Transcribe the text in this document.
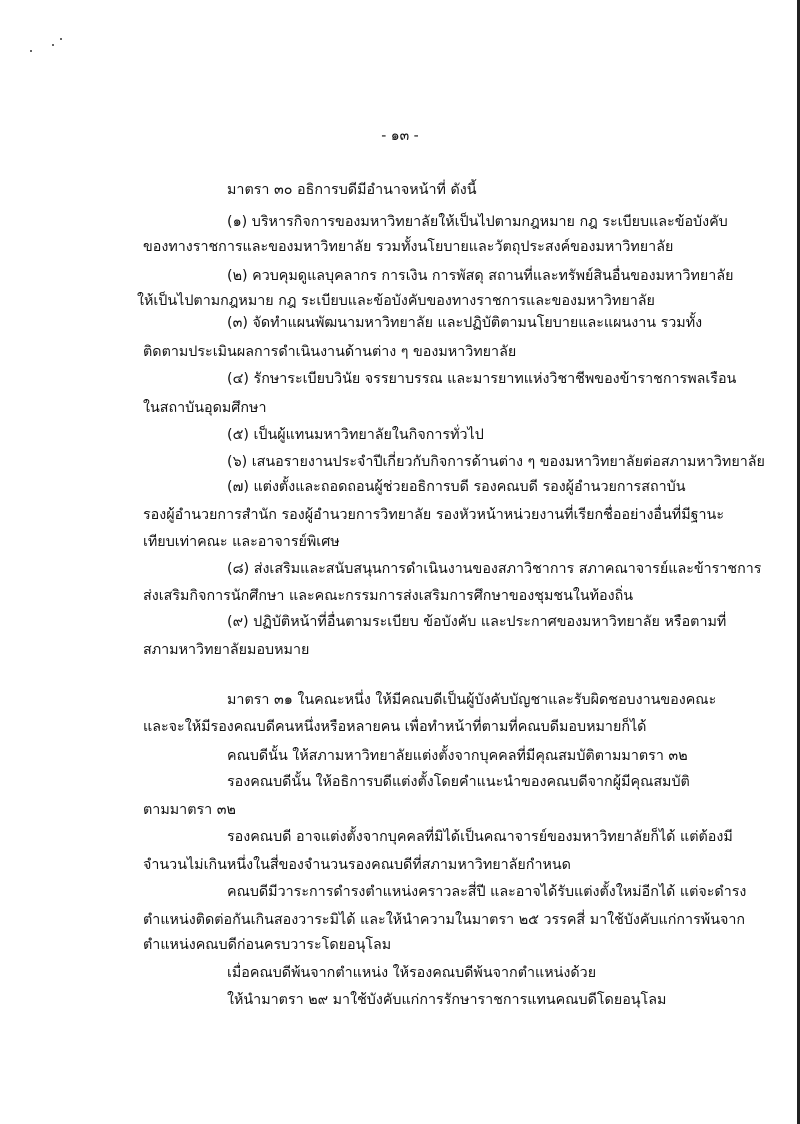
- ๑๓ -
มาตรา ๓๐ อธิการบดีมีอำนาจหน้าที่ ดังนี้
(๑) บริหารกิจการของมหาวิทยาลัยให้เป็นไปตามกฎหมาย กฎ ระเบียบและข้อบังคับ
ของทางราชการและของมหาวิทยาลัย รวมทั้งนโยบายและวัตถุประสงค์ของมหาวิทยาลัย
(๒) ควบคุมดูแลบุคลากร การเงิน การพัสดุ สถานที่และทรัพย์สินอื่นของมหาวิทยาลัย
ให้เป็นไปตามกฎหมาย กฎ ระเบียบและข้อบังคับของทางราชการและของมหาวิทยาลัย
(๓) จัดทำแผนพัฒนามหาวิทยาลัย และปฏิบัติตามนโยบายและแผนงาน รวมทั้ง
ติดตามประเมินผลการดำเนินงานด้านต่าง ๆ ของมหาวิทยาลัย
(๔) รักษาระเบียบวินัย จรรยาบรรณ และมารยาทแห่งวิชาชีพของข้าราชการพลเรือน
ในสถาบันอุดมศึกษา
(๕) เป็นผู้แทนมหาวิทยาลัยในกิจการทั่วไป
(๖) เสนอรายงานประจำปีเกี่ยวกับกิจการด้านต่าง ๆ ของมหาวิทยาลัยต่อสภามหาวิทยาลัย
(๗) แต่งตั้งและถอดถอนผู้ช่วยอธิการบดี รองคณบดี รองผู้อำนวยการสถาบัน
รองผู้อำนวยการสำนัก รองผู้อำนวยการวิทยาลัย รองหัวหน้าหน่วยงานที่เรียกชื่ออย่างอื่นที่มีฐานะ
เทียบเท่าคณะ และอาจารย์พิเศษ
(๘) ส่งเสริมและสนับสนุนการดำเนินงานของสภาวิชาการ สภาคณาจารย์และข้าราชการ
ส่งเสริมกิจการนักศึกษา และคณะกรรมการส่งเสริมการศึกษาของชุมชนในท้องถิ่น
(๙) ปฏิบัติหน้าที่อื่นตามระเบียบ ข้อบังคับ และประกาศของมหาวิทยาลัย หรือตามที่
สภามหาวิทยาลัยมอบหมาย
มาตรา ๓๑ ในคณะหนึ่ง ให้มีคณบดีเป็นผู้บังคับบัญชาและรับผิดชอบงานของคณะ
และจะให้มีรองคณบดีคนหนึ่งหรือหลายคน เพื่อทำหน้าที่ตามที่คณบดีมอบหมายก็ได้
คณบดีนั้น ให้สภามหาวิทยาลัยแต่งตั้งจากบุคคลที่มีคุณสมบัติตามมาตรา ๓๒
รองคณบดีนั้น ให้อธิการบดีแต่งตั้งโดยคำแนะนำของคณบดีจากผู้มีคุณสมบัติ
ตามมาตรา ๓๒
รองคณบดี อาจแต่งตั้งจากบุคคลที่มิได้เป็นคณาจารย์ของมหาวิทยาลัยก็ได้ แต่ต้องมี
จำนวนไม่เกินหนึ่งในสี่ของจำนวนรองคณบดีที่สภามหาวิทยาลัยกำหนด
คณบดีมีวาระการดำรงตำแหน่งคราวละสี่ปี และอาจได้รับแต่งตั้งใหม่อีกได้ แต่จะดำรง
ตำแหน่งติดต่อกันเกินสองวาระมิได้ และให้นำความในมาตรา ๒๕ วรรคสี่ มาใช้บังคับแก่การพ้นจาก
ตำแหน่งคณบดีก่อนครบวาระโดยอนุโลม
เมื่อคณบดีพ้นจากตำแหน่ง ให้รองคณบดีพ้นจากตำแหน่งด้วย
ให้นำมาตรา ๒๙ มาใช้บังคับแก่การรักษาราชการแทนคณบดีโดยอนุโลม
